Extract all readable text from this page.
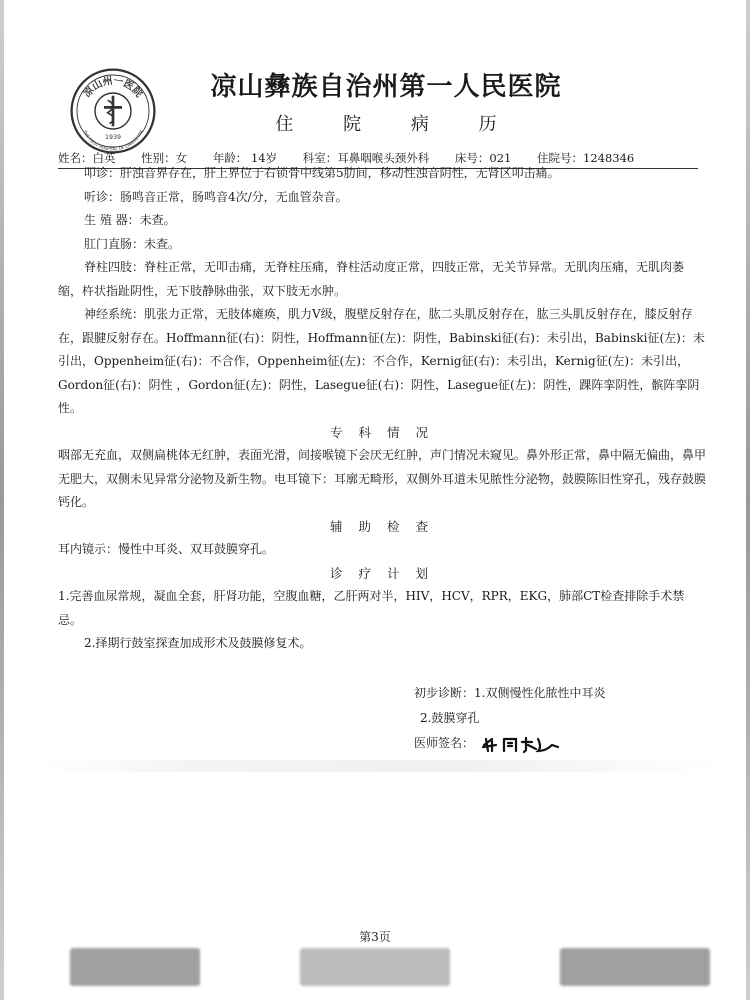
凉山州一医院
THE FIRST HOSPITAL OF LIANGSHAN
1939
凉山彝族自治州第一人民医院
住 院 病 历
姓名：白英 性别：女 年龄： 14岁 科室：耳鼻咽喉头颈外科 床号：021 住院号：1248346

叩诊：肝浊音界存在，肝上界位于右锁骨中线第5肋间，移动性浊音阴性，无肾区叩击痛。

听诊：肠鸣音正常，肠鸣音4次/分，无血管杂音。

生 殖 器：未查。

肛门直肠：未查。

脊柱四肢：脊柱正常，无叩击痛，无脊柱压痛，脊柱活动度正常，四肢正常，无关节异常。无肌肉压痛，无肌肉萎缩，杵状指趾阴性，无下肢静脉曲张，双下肢无水肿。

神经系统：肌张力正常，无肢体瘫痪，肌力Ⅴ级，腹壁反射存在，肱二头肌反射存在，肱三头肌反射存在，膝反射存在，跟腱反射存在。Hoffmann征(右)：阴性，Hoffmann征(左)：阴性，Babinski征(右)：未引出，Babinski征(左)：未引出，Oppenheim征(右)：不合作，Oppenheim征(左)：不合作，Kernig征(右)：未引出，Kernig征(左)：未引出，Gordon征(右)：阴性 ，Gordon征(左)：阴性，Lasegue征(右)：阴性，Lasegue征(左)：阴性，踝阵挛阴性，髌阵挛阴性。

专 科 情 况

咽部无充血，双侧扁桃体无红肿，表面光滑，间接喉镜下会厌无红肿，声门情况未窥见。鼻外形正常，鼻中隔无偏曲，鼻甲无肥大，双侧未见异常分泌物及新生物。电耳镜下：耳廓无畸形，双侧外耳道未见脓性分泌物，鼓膜陈旧性穿孔，残存鼓膜钙化。

辅 助 检 查

耳内镜示：慢性中耳炎、双耳鼓膜穿孔。

诊 疗 计 划

1.完善血尿常规，凝血全套，肝肾功能，空腹血糖，乙肝两对半，HIV，HCV，RPR，EKG，肺部CT检查排除手术禁忌。

2.择期行鼓室探查加成形术及鼓膜修复术。

初步诊断：1.双侧慢性化脓性中耳炎
2.鼓膜穿孔
医师签名：
第3页
